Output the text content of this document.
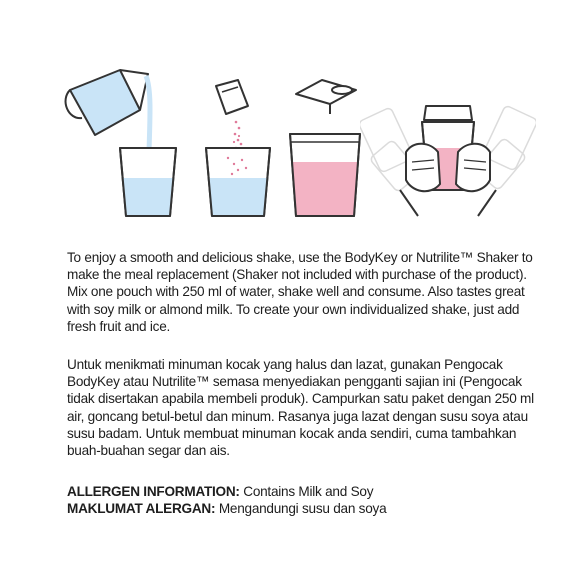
To enjoy a smooth and delicious shake, use the BodyKey or Nutrilite™ Shaker to make the meal replacement (Shaker not included with purchase of the product). Mix one pouch with 250 ml of water, shake well and consume. Also tastes great with soy milk or almond milk. To create your own individualized shake, just add fresh fruit and ice.

Untuk menikmati minuman kocak yang halus dan lazat, gunakan Pengocak BodyKey atau Nutrilite™ semasa menyediakan pengganti sajian ini (Pengocak tidak disertakan apabila membeli produk). Campurkan satu paket dengan 250 ml air, goncang betul-betul dan minum. Rasanya juga lazat dengan susu soya atau susu badam. Untuk membuat minuman kocak anda sendiri, cuma tambahkan buah-buahan segar dan ais.

ALLERGEN INFORMATION: Contains Milk and Soy
MAKLUMAT ALERGAN: Mengandungi susu dan soya
